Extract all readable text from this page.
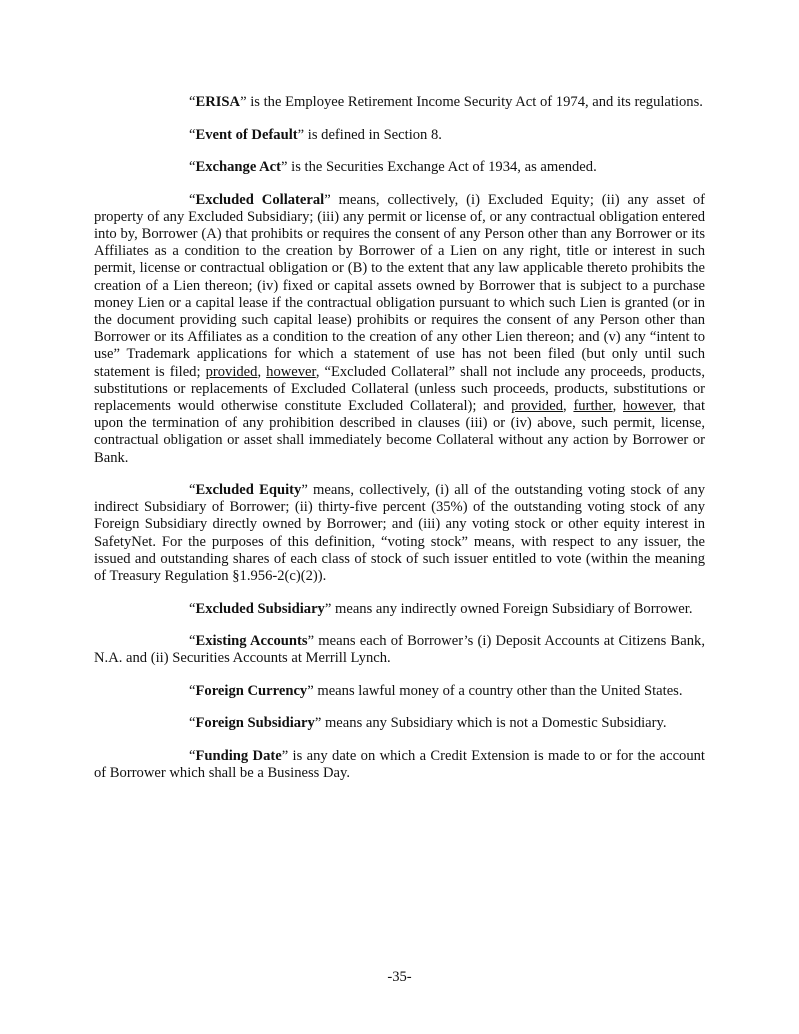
“ERISA” is the Employee Retirement Income Security Act of 1974, and its regulations.

“Event of Default” is defined in Section 8.

“Exchange Act” is the Securities Exchange Act of 1934, as amended.

“Excluded Collateral” means, collectively, (i) Excluded Equity; (ii) any asset of property of any Excluded Subsidiary; (iii) any permit or license of, or any contractual obligation entered into by, Borrower (A) that prohibits or requires the consent of any Person other than any Borrower or its Affiliates as a condition to the creation by Borrower of a Lien on any right, title or interest in such permit, license or contractual obligation or (B) to the extent that any law applicable thereto prohibits the creation of a Lien thereon; (iv) fixed or capital assets owned by Borrower that is subject to a purchase money Lien or a capital lease if the contractual obligation pursuant to which such Lien is granted (or in the document providing such capital lease) prohibits or requires the consent of any Person other than Borrower or its Affiliates as a condition to the creation of any other Lien thereon; and (v) any “intent to use” Trademark applications for which a statement of use has not been filed (but only until such statement is filed; provided, however, “Excluded Collateral” shall not include any proceeds, products, substitutions or replacements of Excluded Collateral (unless such proceeds, products, substitutions or replacements would otherwise constitute Excluded Collateral); and provided, further, however, that upon the termination of any prohibition described in clauses (iii) or (iv) above, such permit, license, contractual obligation or asset shall immediately become Collateral without any action by Borrower or Bank.

“Excluded Equity” means, collectively, (i) all of the outstanding voting stock of any indirect Subsidiary of Borrower; (ii) thirty-five percent (35%) of the outstanding voting stock of any Foreign Subsidiary directly owned by Borrower; and (iii) any voting stock or other equity interest in SafetyNet. For the purposes of this definition, “voting stock” means, with respect to any issuer, the issued and outstanding shares of each class of stock of such issuer entitled to vote (within the meaning of Treasury Regulation §1.956-2(c)(2)).

“Excluded Subsidiary” means any indirectly owned Foreign Subsidiary of Borrower.

“Existing Accounts” means each of Borrower’s (i) Deposit Accounts at Citizens Bank, N.A. and (ii) Securities Accounts at Merrill Lynch.

“Foreign Currency” means lawful money of a country other than the United States.

“Foreign Subsidiary” means any Subsidiary which is not a Domestic Subsidiary.

“Funding Date” is any date on which a Credit Extension is made to or for the account of Borrower which shall be a Business Day.

-35-
